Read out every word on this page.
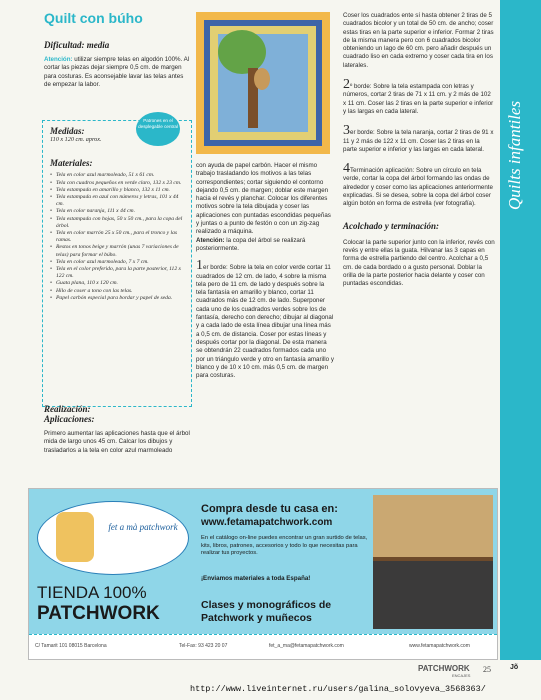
Quilt con búho

Dificultad: media

Atención: utilizar siempre telas en algodón 100%. Al cortar las piezas dejar siempre 0,5 cm. de margen para costuras. Es aconsejable lavar las telas antes de empezar la labor.

Patrones en el desplegable central

Medidas:

110 x 120 cm. aprox.

Materiales:

• Tela en color azul marmoleado, 51 x 61 cm.
• Tela con cuadros pequeños en verde claro, 132 x 23 cm.
• Tela estampada en amarillo y blanco, 132 x 11 cm.
• Tela estampada en azul con números y letras, 101 x 44 cm.
• Tela en color naranja, 111 x 44 cm.
• Tela estampada con hojas, 50 x 50 cm., para la copa del árbol.
• Tela en color marrón 25 x 50 cm., para el tronco y las ramas.
• Restos en tonos beige y marrón (unas 7 variaciones de telas) para formar el búho.
• Tela en color azul marmoleado, 7 x 7 cm.
• Tela en el color preferido, para la parte posterior, 112 x 122 cm.
• Guata plana, 110 x 120 cm.
• Hilo de coser a tono con las telas.
• Papel carbón especial para bordar y papel de seda.

Realización:

Aplicaciones:

Primero aumentar las aplicaciones hasta que el árbol mida de largo unos 45 cm. Calcar los dibujos y trasladarlos a la tela en color azul marmoleado

con ayuda de papel carbón. Hacer el mismo trabajo trasladando los motivos a las telas correspondientes; cortar siguiendo el contorno dejando 0,5 cm. de margen; doblar este margen hacia el revés y planchar. Colocar los diferentes motivos sobre la tela dibujada y coser las aplicaciones con puntadas escondidas pequeñas y juntas o a punto de festón o con un zig-zag realizado a máquina.

Atención: la copa del árbol se realizará posteriormente.

1er borde: Sobre la tela en color verde cortar 11 cuadrados de 12 cm. de lado, 4 sobre la misma tela pero de 11 cm. de lado y después sobre la tela fantasía en amarillo y blanco, cortar 11 cuadrados más de 12 cm. de lado. Superponer cada uno de los cuadrados verdes sobre los de fantasía, derecho con derecho; dibujar al diagonal y a cada lado de esta línea dibujar una línea más a 0,5 cm. de distancia. Coser por estas líneas y después cortar por la diagonal. De esta manera se obtendrán 22 cuadrados formados cada uno por un triángulo verde y otro en fantasía amarillo y blanco y de 10 x 10 cm. más 0,5 cm. de margen para costuras.

Coser los cuadrados ente sí hasta obtener 2 tiras de 5 cuadrados bicolor y un total de 50 cm. de ancho; coser estas tiras en la parte superior e inferior. Formar 2 tiras de la misma manera pero con 6 cuadrados bicolor obteniendo un lago de 60 cm. pero añadir después un cuadrado liso en cada extremo y coser cada tira en los laterales.

2º borde: Sobre la tela estampada con letras y números, cortar 2 tiras de 71 x 11 cm. y 2 más de 102 x 11 cm. Coser las 2 tiras en la parte superior e inferior y las largas en cada lateral.

3er borde: Sobre la tela naranja, cortar 2 tiras de 91 x 11 y 2 más de 122 x 11 cm. Coser las 2 tiras en la parte superior e inferior y las largas en cada lateral.

4Terminación aplicación: Sobre un círculo en tela verde, cortar la copa del árbol formando las ondas de alrededor y coser como las aplicaciones anteriormente explicadas. Si se desea, sobre la copa del árbol coser algún botón en forma de estrella (ver fotografía).

Acolchado y terminación:

Colocar la parte superior junto con la inferior, revés con revés y entre ellas la guata. Hilvanar las 3 capas en forma de estrella partiendo del centro. Acolchar a 0,5 cm. de cada bordado o a gusto personal. Doblar la orilla de la parte posterior hacia delante y coser con puntadas escondidas.

Quilts infantiles
fet a mà patchwork
TIENDA 100%
PATCHWORK
Compra desde tu casa en:
www.fetamapatchwork.com
En el catálogo on-line puedes encontrar un gran surtido de telas, kits, libros, patrones, accesorios y todo lo que necesitas para realizar tus proyectos.
¡Enviamos materiales a toda España!
Clases y monográficos de Patchwork y muñecos
C/ Tamarit 101 08015 Barcelona	Tel-Fax: 93 423 20 07	fet_a_ma@fetamapatchwork.com	www.fetamapatchwork.com
PATCHWORK
ENCAJES
25	Jõ
http://www.liveinternet.ru/users/galina_solovyeva_3568363/
